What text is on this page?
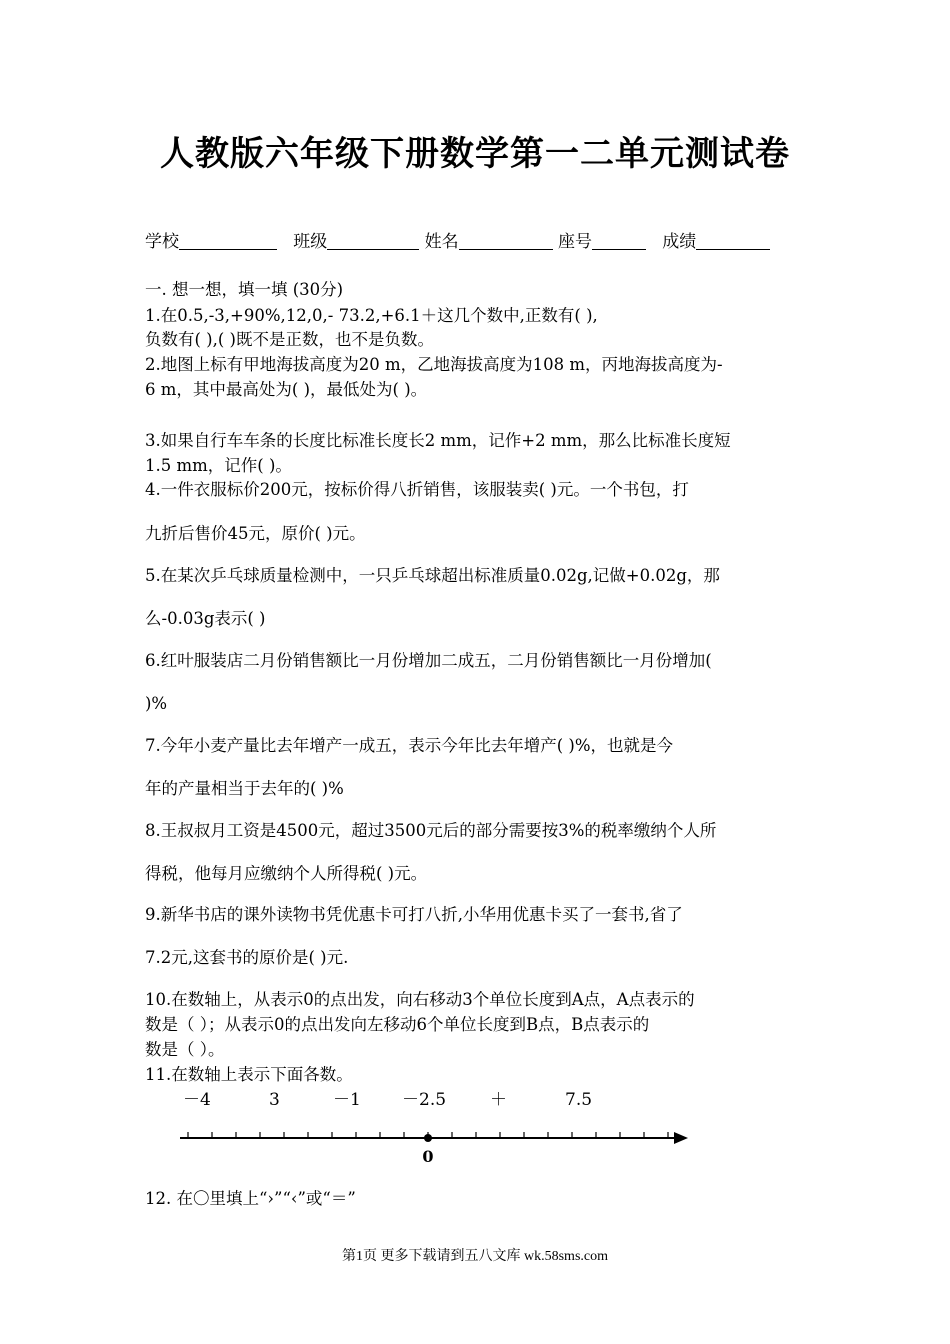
人教版六年级下册数学第一二单元测试卷
学校	班级	姓名	座号	成绩
一. 想一想，填一填 (30分)
1.在0.5,-3,+90%,12,0,- 73.2,+6.1＋这几个数中,正数有( ),
负数有( ),( )既不是正数，也不是负数。
2.地图上标有甲地海拔高度为20 m，乙地海拔高度为108 m，丙地海拔高度为-
6 m，其中最高处为( )，最低处为( )。
3.如果自行车车条的长度比标准长度长2 mm，记作+2 mm，那么比标准长度短
1.5 mm，记作( )。
4.一件衣服标价200元，按标价得八折销售，该服装卖( )元。一个书包，打
九折后售价45元，原价( )元。
5.在某次乒乓球质量检测中，一只乒乓球超出标准质量0.02g,记做+0.02g，那
么-0.03g表示( )
6.红叶服装店二月份销售额比一月份增加二成五，二月份销售额比一月份增加(
)%
7.今年小麦产量比去年增产一成五，表示今年比去年增产( )%，也就是今
年的产量相当于去年的( )%
8.王叔叔月工资是4500元，超过3500元后的部分需要按3%的税率缴纳个人所
得税，他每月应缴纳个人所得税( )元。
9.新华书店的课外读物书凭优惠卡可打八折,小华用优惠卡买了一套书,省了
7.2元,这套书的原价是( )元.
10.在数轴上，从表示0的点出发，向右移动3个单位长度到A点，A点表示的
数是（ ）；从表示0的点出发向左移动6个单位长度到B点，B点表示的
数是（ ）。
11.在数轴上表示下面各数。
－4	3	－1 －2.5	＋	7.5
0
12. 在〇里填上“›”“‹”或“＝”
第1页 更多下载请到五八文库 wk.58sms.com
